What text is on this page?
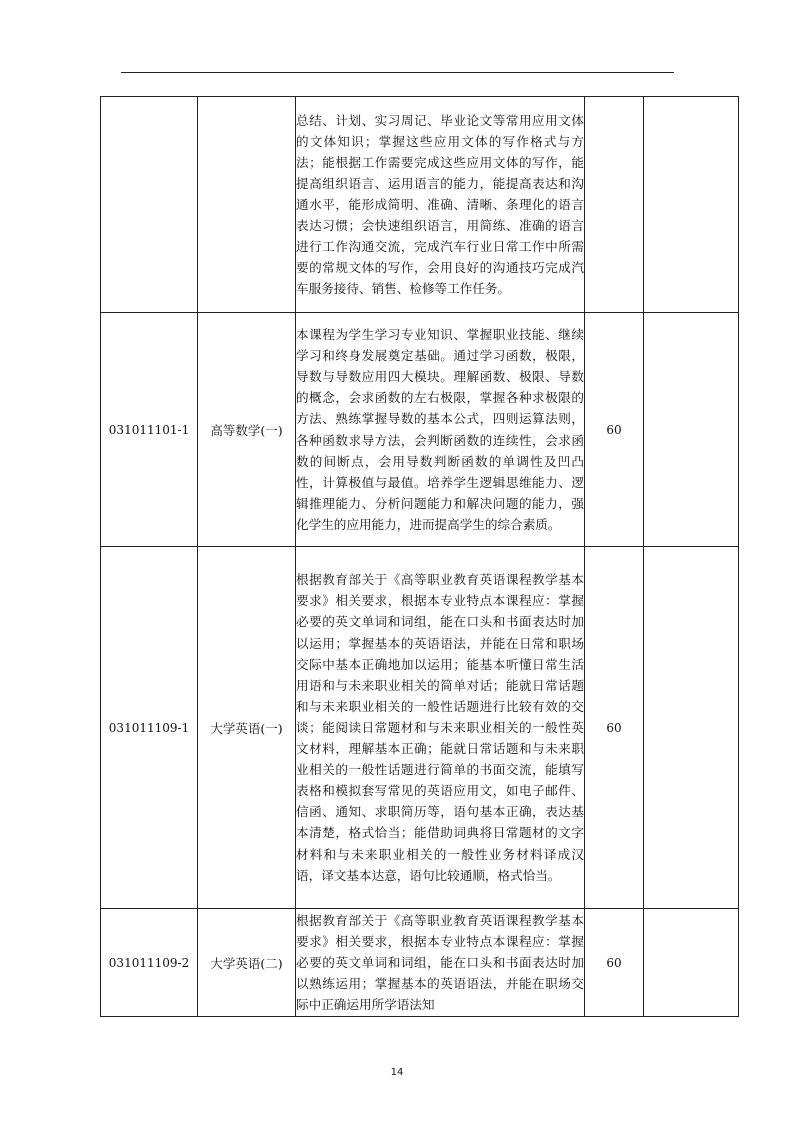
		总结、计划、实习周记、毕业论文等常用应用文体的文体知识；掌握这些应用文体的写作格式与方法；能根据工作需要完成这些应用文体的写作，能提高组织语言、运用语言的能力，能提高表达和沟通水平，能形成简明、准确、清晰、条理化的语言表达习惯；会快速组织语言，用简练、准确的语言进行工作沟通交流，完成汽车行业日常工作中所需要的常规文体的写作，会用良好的沟通技巧完成汽车服务接待、销售、检修等工作任务。		
031011101-1	高等数学(一)	本课程为学生学习专业知识、掌握职业技能、继续学习和终身发展奠定基础。通过学习函数，极限，导数与导数应用四大模块。理解函数、极限、导数的概念，会求函数的左右极限，掌握各种求极限的方法、熟练掌握导数的基本公式，四则运算法则，各种函数求导方法，会判断函数的连续性，会求函数的间断点，会用导数判断函数的单调性及凹凸性，计算极值与最值。培养学生逻辑思维能力、逻辑推理能力、分析问题能力和解决问题的能力，强化学生的应用能力，进而提高学生的综合素质。	60	
031011109-1	大学英语(一)	根据教育部关于《高等职业教育英语课程教学基本要求》相关要求，根据本专业特点本课程应：掌握必要的英文单词和词组，能在口头和书面表达时加以运用；掌握基本的英语语法，并能在日常和职场交际中基本正确地加以运用；能基本听懂日常生活用语和与未来职业相关的简单对话；能就日常话题和与未来职业相关的一般性话题进行比较有效的交谈；能阅读日常题材和与未来职业相关的一般性英文材料，理解基本正确；能就日常话题和与未来职业相关的一般性话题进行简单的书面交流，能填写表格和模拟套写常见的英语应用文，如电子邮件、信函、通知、求职简历等，语句基本正确，表达基本清楚，格式恰当；能借助词典将日常题材的文字材料和与未来职业相关的一般性业务材料译成汉语，译文基本达意，语句比较通顺，格式恰当。	60	
031011109-2	大学英语(二)	根据教育部关于《高等职业教育英语课程教学基本要求》相关要求，根据本专业特点本课程应：掌握必要的英文单词和词组，能在口头和书面表达时加以熟练运用；掌握基本的英语语法，并能在职场交际中正确运用所学语法知	60	
14
